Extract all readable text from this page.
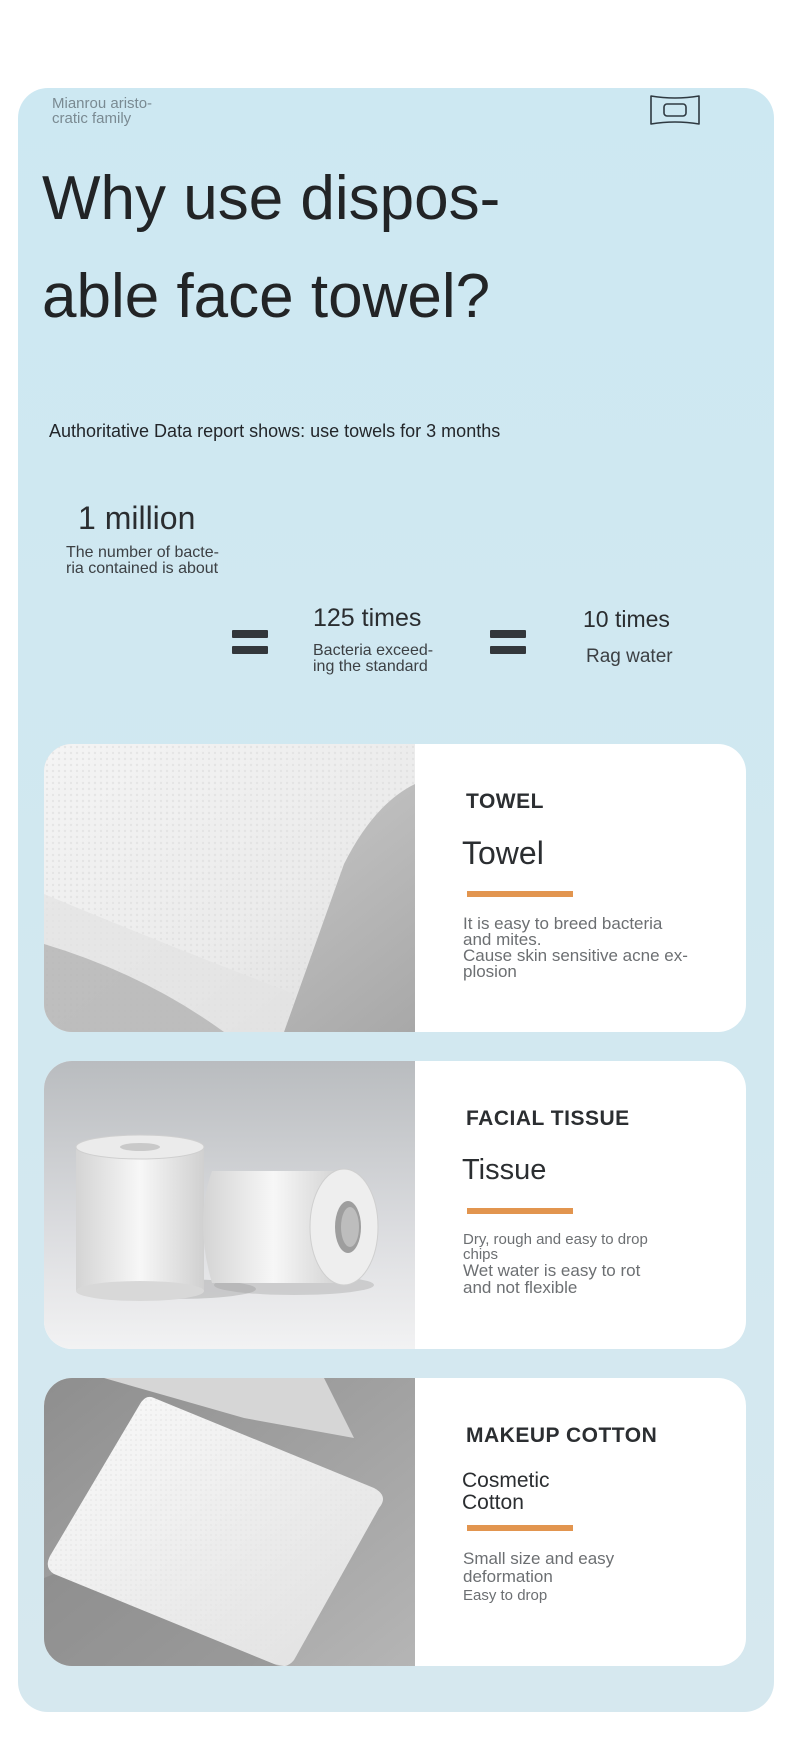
Mianrou aristo-
cratic family
Why use dispos-
able face towel?
Authoritative Data report shows: use towels for 3 months
1 million
The number of bacte-
ria contained is about
125 times
Bacteria exceed-
ing the standard
10 times
Rag water
TOWEL
Towel
It is easy to breed bacteria
and mites.
Cause skin sensitive acne ex-
plosion
FACIAL TISSUE
Tissue
Dry, rough and easy to drop
chips
Wet water is easy to rot
and not flexible
MAKEUP COTTON
Cosmetic
Cotton
Small size and easy
deformation
Easy to drop
